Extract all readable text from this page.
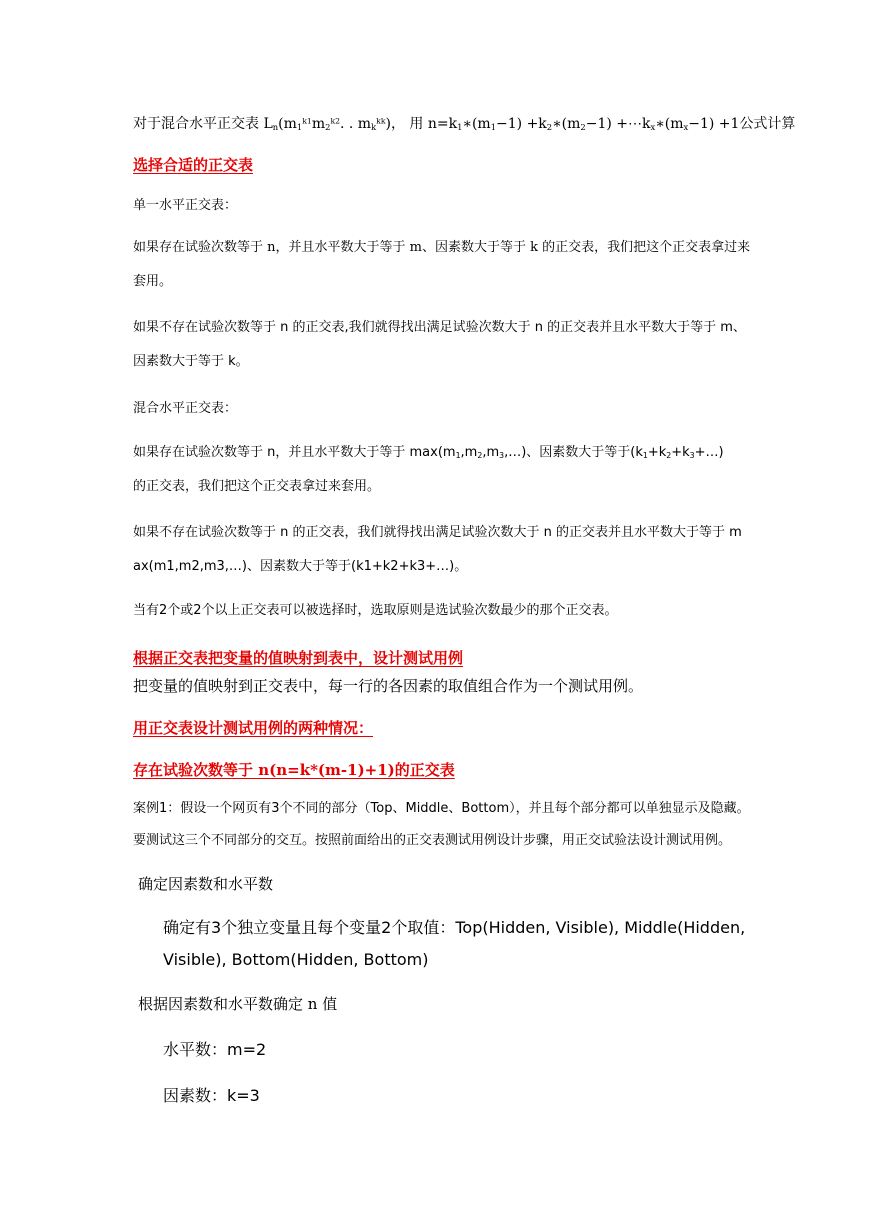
对于混合水平正交表 $L_n(m_1^{k1}m_2^{k2}$. . $m_k^{kk}$)， 用 $n=k_1∗(m_1-1)$ $+k_2∗(m_2-1)$ $+\cdots k_x∗(m_x-1) +1$公式计算
选择合适的正交表
单一水平正交表：
如果存在试验次数等于 n，并且水平数大于等于 m、因素数大于等于 k 的正交表，我们把这个正交表拿过来
套用。
如果不存在试验次数等于 n 的正交表,我们就得找出满足试验次数大于 n 的正交表并且水平数大于等于 m、
因素数大于等于 k。
混合水平正交表：
如果存在试验次数等于 n，并且水平数大于等于 $\max(m_1,m_2,m_3,\dots)$、因素数大于等于$(k_1+k_2+k_3+\dots)$
的正交表，我们把这个正交表拿过来套用。
如果不存在试验次数等于 n 的正交表，我们就得找出满足试验次数大于 n 的正交表并且水平数大于等于 m
ax(m1,m2,m3,…)、因素数大于等于(k1+k2+k3+…)。
当有2个或2个以上正交表可以被选择时，选取原则是选试验次数最少的那个正交表。
根据正交表把变量的值映射到表中，设计测试用例
把变量的值映射到正交表中，每一行的各因素的取值组合作为一个测试用例。
用正交表设计测试用例的两种情况：
存在试验次数等于 n(n=k*(m-1)+1)的正交表
案例1：假设一个网页有3个不同的部分（Top、Middle、Bottom），并且每个部分都可以单独显示及隐藏。
要测试这三个不同部分的交互。按照前面给出的正交表测试用例设计步骤，用正交试验法设计测试用例。
确定因素数和水平数
确定有3个独立变量且每个变量2个取值：Top(Hidden, Visible), Middle(Hidden,
Visible), Bottom(Hidden, Bottom)
根据因素数和水平数确定 n 值
水平数：m=2
因素数：k=3
